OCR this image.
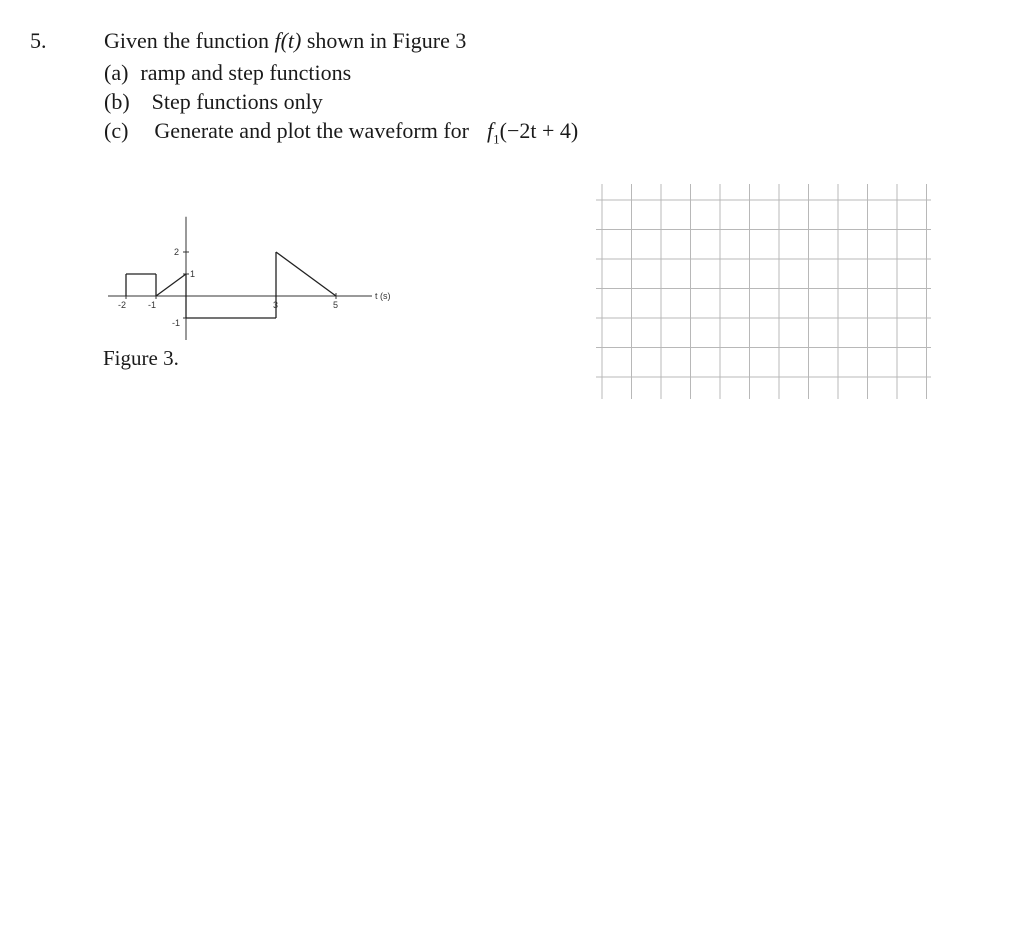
5.	Given the function f(t) shown in Figure 3
(a) ramp and step functions
(b) Step functions only
(c) Generate and plot the waveform for $f_1(-2t + 4)$
t (s)
-2 -1	3	5
2
1
-1
Figure 3.
